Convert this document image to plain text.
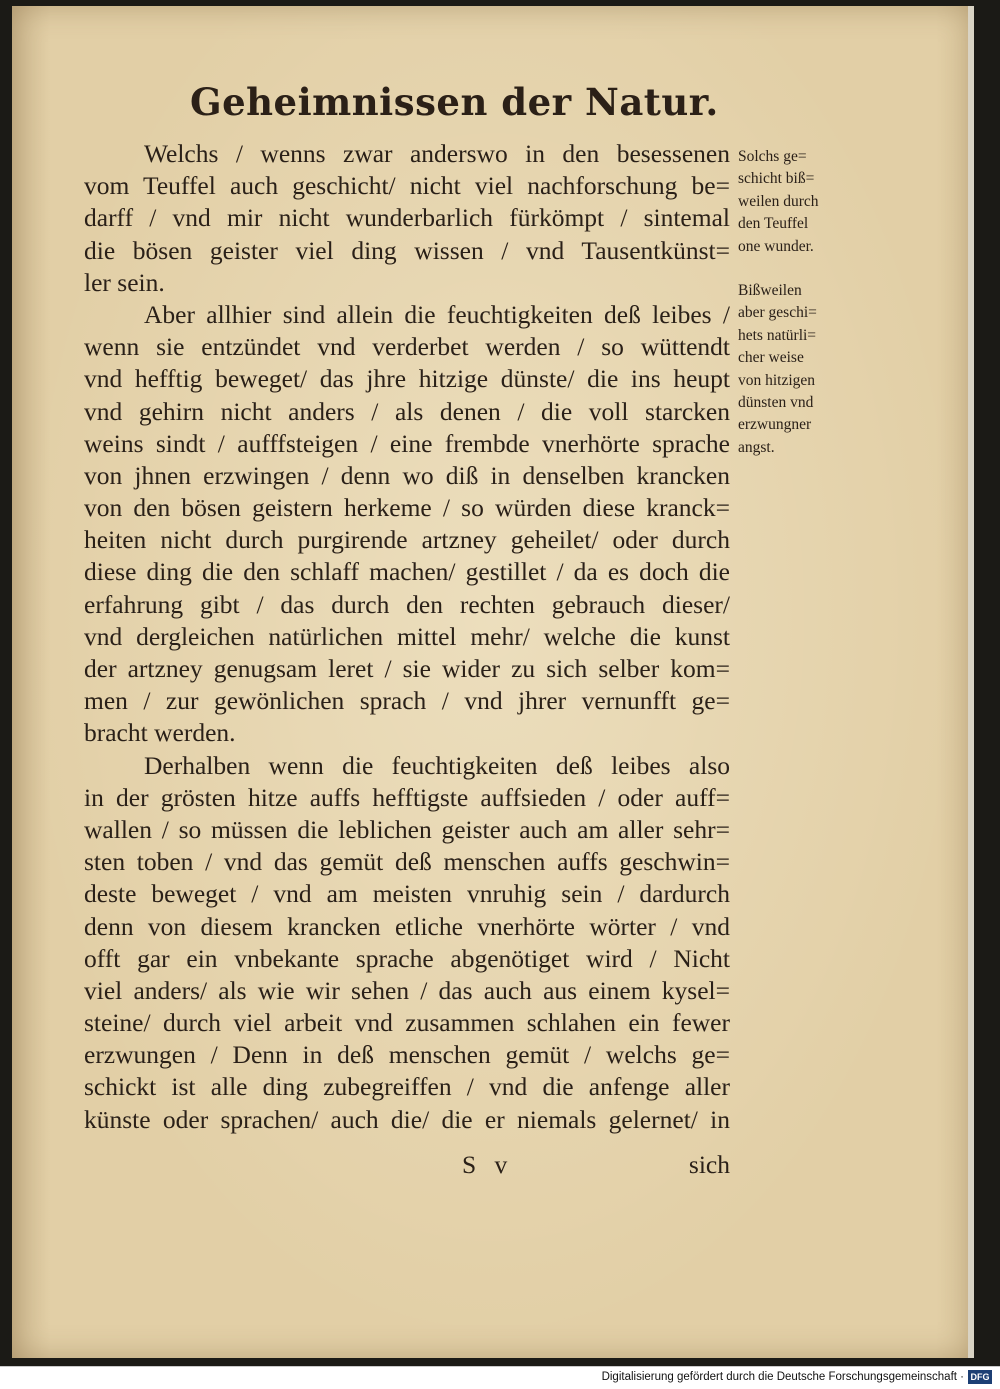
Geheimnissen der Natur.
Welchs / wenns zwar anderswo in den besessenen
vom Teuffel auch geschicht/ nicht viel nachforschung be=
darff / vnd mir nicht wunderbarlich fürkömpt / sintemal
die bösen geister viel ding wissen / vnd Tausentkünst=
ler sein.
Aber allhier sind allein die feuchtigkeiten deß leibes /
wenn sie entzündet vnd verderbet werden / so wüttendt
vnd hefftig beweget/ das jhre hitzige dünste/ die ins heupt
vnd gehirn nicht anders / als denen / die voll starcken
weins sindt / aufffsteigen / eine frembde vnerhörte sprache
von jhnen erzwingen / denn wo diß in denselben krancken
von den bösen geistern herkeme / so würden diese kranck=
heiten nicht durch purgirende artzney geheilet/ oder durch
diese ding die den schlaff machen/ gestillet / da es doch die
erfahrung gibt / das durch den rechten gebrauch dieser/
vnd dergleichen natürlichen mittel mehr/ welche die kunst
der artzney genugsam leret / sie wider zu sich selber kom=
men / zur gewönlichen sprach / vnd jhrer vernunfft ge=
bracht werden.
Derhalben wenn die feuchtigkeiten deß leibes also
in der grösten hitze auffs hefftigste auffsieden / oder auff=
wallen / so müssen die leblichen geister auch am aller sehr=
sten toben / vnd das gemüt deß menschen auffs geschwin=
deste beweget / vnd am meisten vnruhig sein / dardurch
denn von diesem krancken etliche vnerhörte wörter / vnd
offt gar ein vnbekante sprache abgenötiget wird / Nicht
viel anders/ als wie wir sehen / das auch aus einem kysel=
steine/ durch viel arbeit vnd zusammen schlahen ein fewer
erzwungen / Denn in deß menschen gemüt / welchs ge=
schickt ist alle ding zubegreiffen / vnd die anfenge aller
künste oder sprachen/ auch die/ die er niemals gelernet/ in
Solchs ge=
schicht biß=
weilen durch
den Teuffel
one wunder.
Bißweilen
aber geschi=
hets natürli=
cher weise
von hitzigen
dünsten vnd
erzwungner
angst.
S v	sich
Digitalisierung gefördert durch die Deutsche Forschungsgemeinschaft · DFG
